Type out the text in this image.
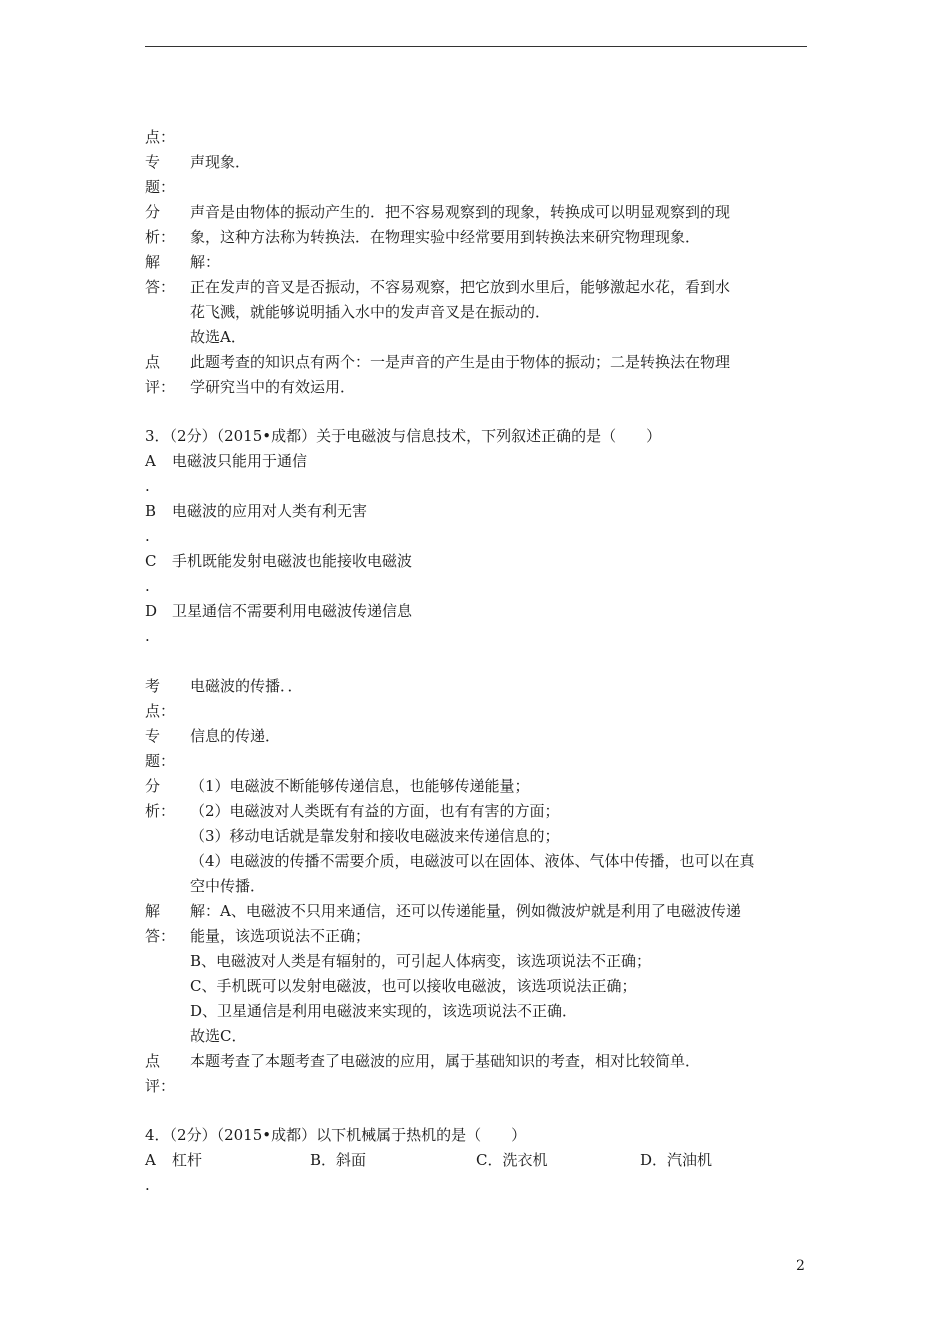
点：
专 声现象．
题：
分 声音是由物体的振动产生的．把不容易观察到的现象，转换成可以明显观察到的现
析： 象，这种方法称为转换法．在物理实验中经常要用到转换法来研究物理现象．
解 解：
答： 正在发声的音叉是否振动，不容易观察，把它放到水里后，能够激起水花，看到水
花飞溅，就能够说明插入水中的发声音叉是在振动的．
故选A．
点 此题考查的知识点有两个：一是声音的产生是由于物体的振动；二是转换法在物理
评： 学研究当中的有效运用．
3．（2分）（2015•成都）关于电磁波与信息技术，下列叙述正确的是（　　）
A 电磁波只能用于通信
.
B 电磁波的应用对人类有利无害
.
C 手机既能发射电磁波也能接收电磁波
.
D 卫星通信不需要利用电磁波传递信息
.
考 电磁波的传播．．
点：
专 信息的传递．
题：
分 （1）电磁波不断能够传递信息，也能够传递能量；
析： （2）电磁波对人类既有有益的方面，也有有害的方面；
（3）移动电话就是靠发射和接收电磁波来传递信息的；
（4）电磁波的传播不需要介质，电磁波可以在固体、液体、气体中传播，也可以在真
空中传播．
解 解：A、电磁波不只用来通信，还可以传递能量，例如微波炉就是利用了电磁波传递
答： 能量，该选项说法不正确；
B、电磁波对人类是有辐射的，可引起人体病变，该选项说法不正确；
C、手机既可以发射电磁波，也可以接收电磁波，该选项说法正确；
D、卫星通信是利用电磁波来实现的，该选项说法不正确．
故选C．
点 本题考查了本题考查了电磁波的应用，属于基础知识的考查，相对比较简单．
评：
4．（2分）（2015•成都）以下机械属于热机的是（　　）
A 杠杆	B．斜面	C．洗衣机	D．汽油机
.
2
